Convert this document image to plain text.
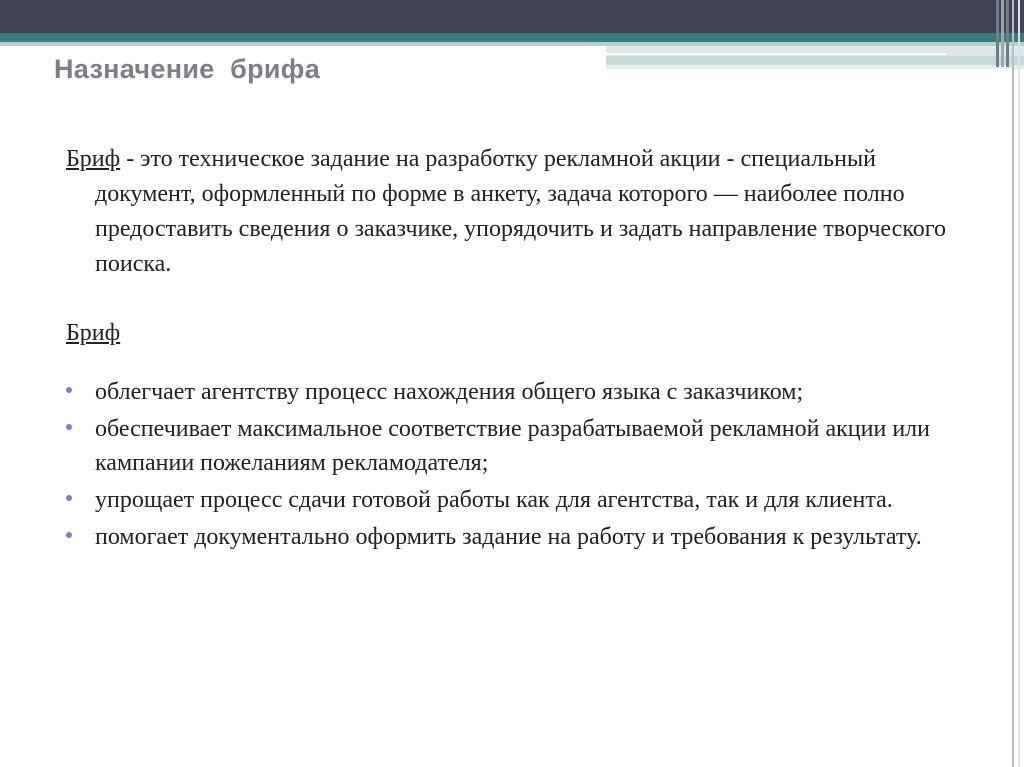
Назначение  брифа

Бриф - это техническое задание на разработку рекламной акции - специальный документ, оформленный по форме в анкету, задача которого — наиболее полно предоставить сведения о заказчике, упорядочить и задать направление творческого поиска.

Бриф

облегчает агентству процесс нахождения общего языка с заказчиком;
обеспечивает максимальное соответствие разрабатываемой рекламной акции или кампании пожеланиям рекламодателя;
упрощает процесс сдачи готовой работы как для агентства, так и для клиента.
помогает документально оформить задание на работу и требования к результату.
